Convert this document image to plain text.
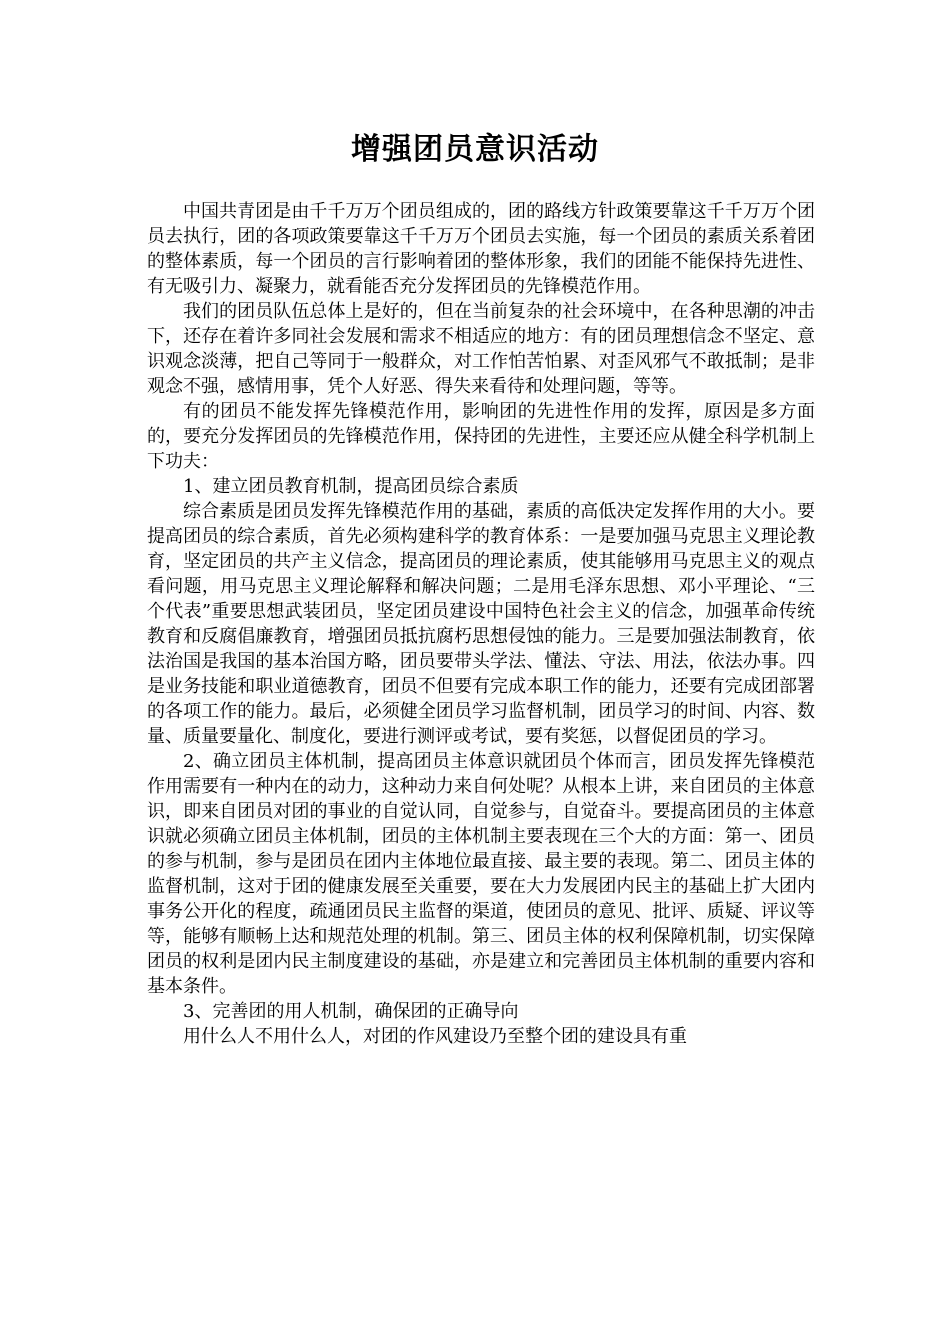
增强团员意识活动

中国共青团是由千千万万个团员组成的，团的路线方针政策要靠这千千万万个团员去执行，团的各项政策要靠这千千万万个团员去实施，每一个团员的素质关系着团的整体素质，每一个团员的言行影响着团的整体形象，我们的团能不能保持先进性、有无吸引力、凝聚力，就看能否充分发挥团员的先锋模范作用。

我们的团员队伍总体上是好的，但在当前复杂的社会环境中，在各种思潮的冲击下，还存在着许多同社会发展和需求不相适应的地方：有的团员理想信念不坚定、意识观念淡薄，把自己等同于一般群众，对工作怕苦怕累、对歪风邪气不敢抵制；是非观念不强，感情用事，凭个人好恶、得失来看待和处理问题，等等。

有的团员不能发挥先锋模范作用，影响团的先进性作用的发挥，原因是多方面的，要充分发挥团员的先锋模范作用，保持团的先进性，主要还应从健全科学机制上下功夫：

1、建立团员教育机制，提高团员综合素质

综合素质是团员发挥先锋模范作用的基础，素质的高低决定发挥作用的大小。要提高团员的综合素质，首先必须构建科学的教育体系：一是要加强马克思主义理论教育，坚定团员的共产主义信念，提高团员的理论素质，使其能够用马克思主义的观点看问题，用马克思主义理论解释和解决问题；二是用毛泽东思想、邓小平理论、“三个代表”重要思想武装团员，坚定团员建设中国特色社会主义的信念，加强革命传统教育和反腐倡廉教育，增强团员抵抗腐朽思想侵蚀的能力。三是要加强法制教育，依法治国是我国的基本治国方略，团员要带头学法、懂法、守法、用法，依法办事。四是业务技能和职业道德教育，团员不但要有完成本职工作的能力，还要有完成团部署的各项工作的能力。最后，必须健全团员学习监督机制，团员学习的时间、内容、数量、质量要量化、制度化，要进行测评或考试，要有奖惩，以督促团员的学习。

2、确立团员主体机制，提高团员主体意识就团员个体而言，团员发挥先锋模范作用需要有一种内在的动力，这种动力来自何处呢？从根本上讲，来自团员的主体意识，即来自团员对团的事业的自觉认同，自觉参与，自觉奋斗。要提高团员的主体意识就必须确立团员主体机制，团员的主体机制主要表现在三个大的方面：第一、团员的参与机制，参与是团员在团内主体地位最直接、最主要的表现。第二、团员主体的监督机制，这对于团的健康发展至关重要，要在大力发展团内民主的基础上扩大团内事务公开化的程度，疏通团员民主监督的渠道，使团员的意见、批评、质疑、评议等等，能够有顺畅上达和规范处理的机制。第三、团员主体的权利保障机制，切实保障团员的权利是团内民主制度建设的基础，亦是建立和完善团员主体机制的重要内容和基本条件。

3、完善团的用人机制，确保团的正确导向

用什么人不用什么人，对团的作风建设乃至整个团的建设具有重
